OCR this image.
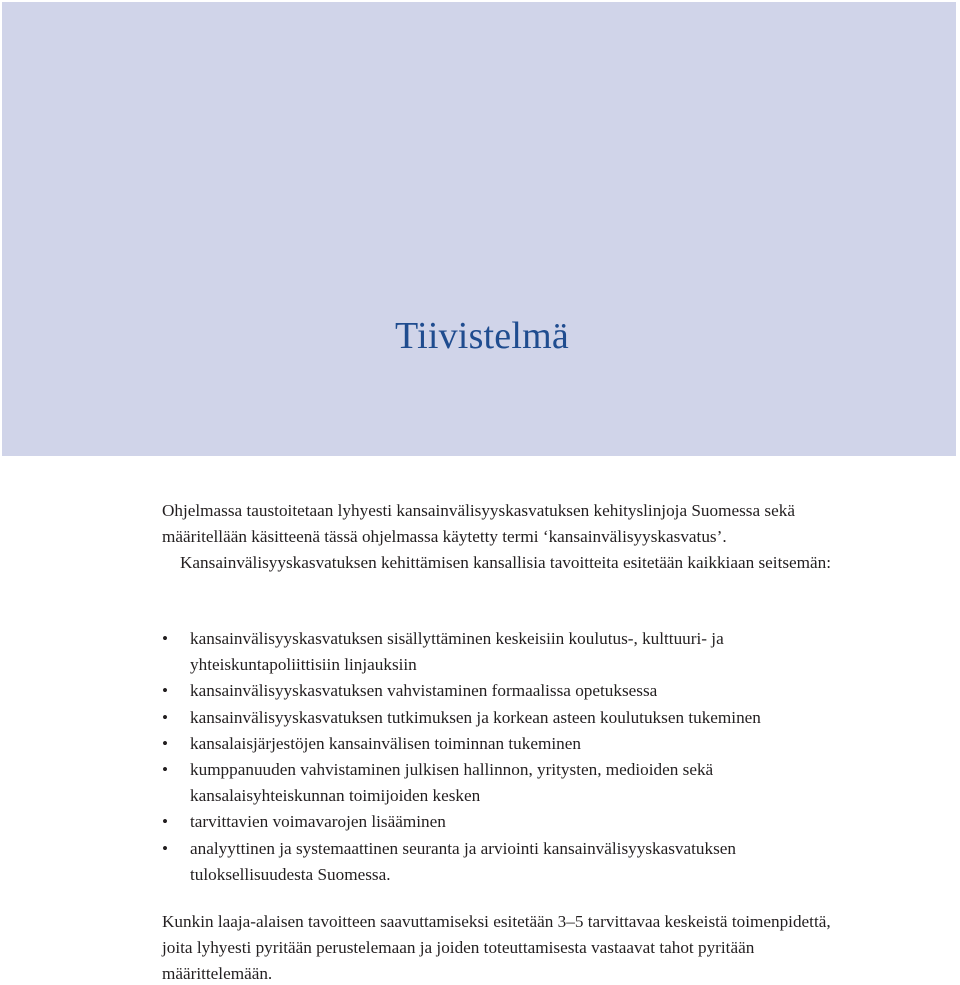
Tiivistelmä

Ohjelmassa taustoitetaan lyhyesti kansainvälisyyskasvatuksen kehityslinjoja Suomessa sekä määritellään käsitteenä tässä ohjelmassa käytetty termi ‘kansainvälisyyskasvatus’.

Kansainvälisyyskasvatuksen kehittämisen kansallisia tavoitteita esitetään kaikkiaan seitsemän:

• kansainvälisyyskasvatuksen sisällyttäminen keskeisiin koulutus-, kulttuuri- ja yhteiskuntapoliittisiin linjauksiin
• kansainvälisyyskasvatuksen vahvistaminen formaalissa opetuksessa
• kansainvälisyyskasvatuksen tutkimuksen ja korkean asteen koulutuksen tukeminen
• kansalaisjärjestöjen kansainvälisen toiminnan tukeminen
• kumppanuuden vahvistaminen julkisen hallinnon, yritysten, medioiden sekä kansalaisyhteiskunnan toimijoiden kesken
• tarvittavien voimavarojen lisääminen
• analyyttinen ja systemaattinen seuranta ja arviointi kansainvälisyyskasvatuksen tuloksellisuudesta Suomessa.

Kunkin laaja-alaisen tavoitteen saavuttamiseksi esitetään 3–5 tarvittavaa keskeistä toimenpidettä, joita lyhyesti pyritään perustelemaan ja joiden toteuttamisesta vastaavat tahot pyritään määrittelemään.
